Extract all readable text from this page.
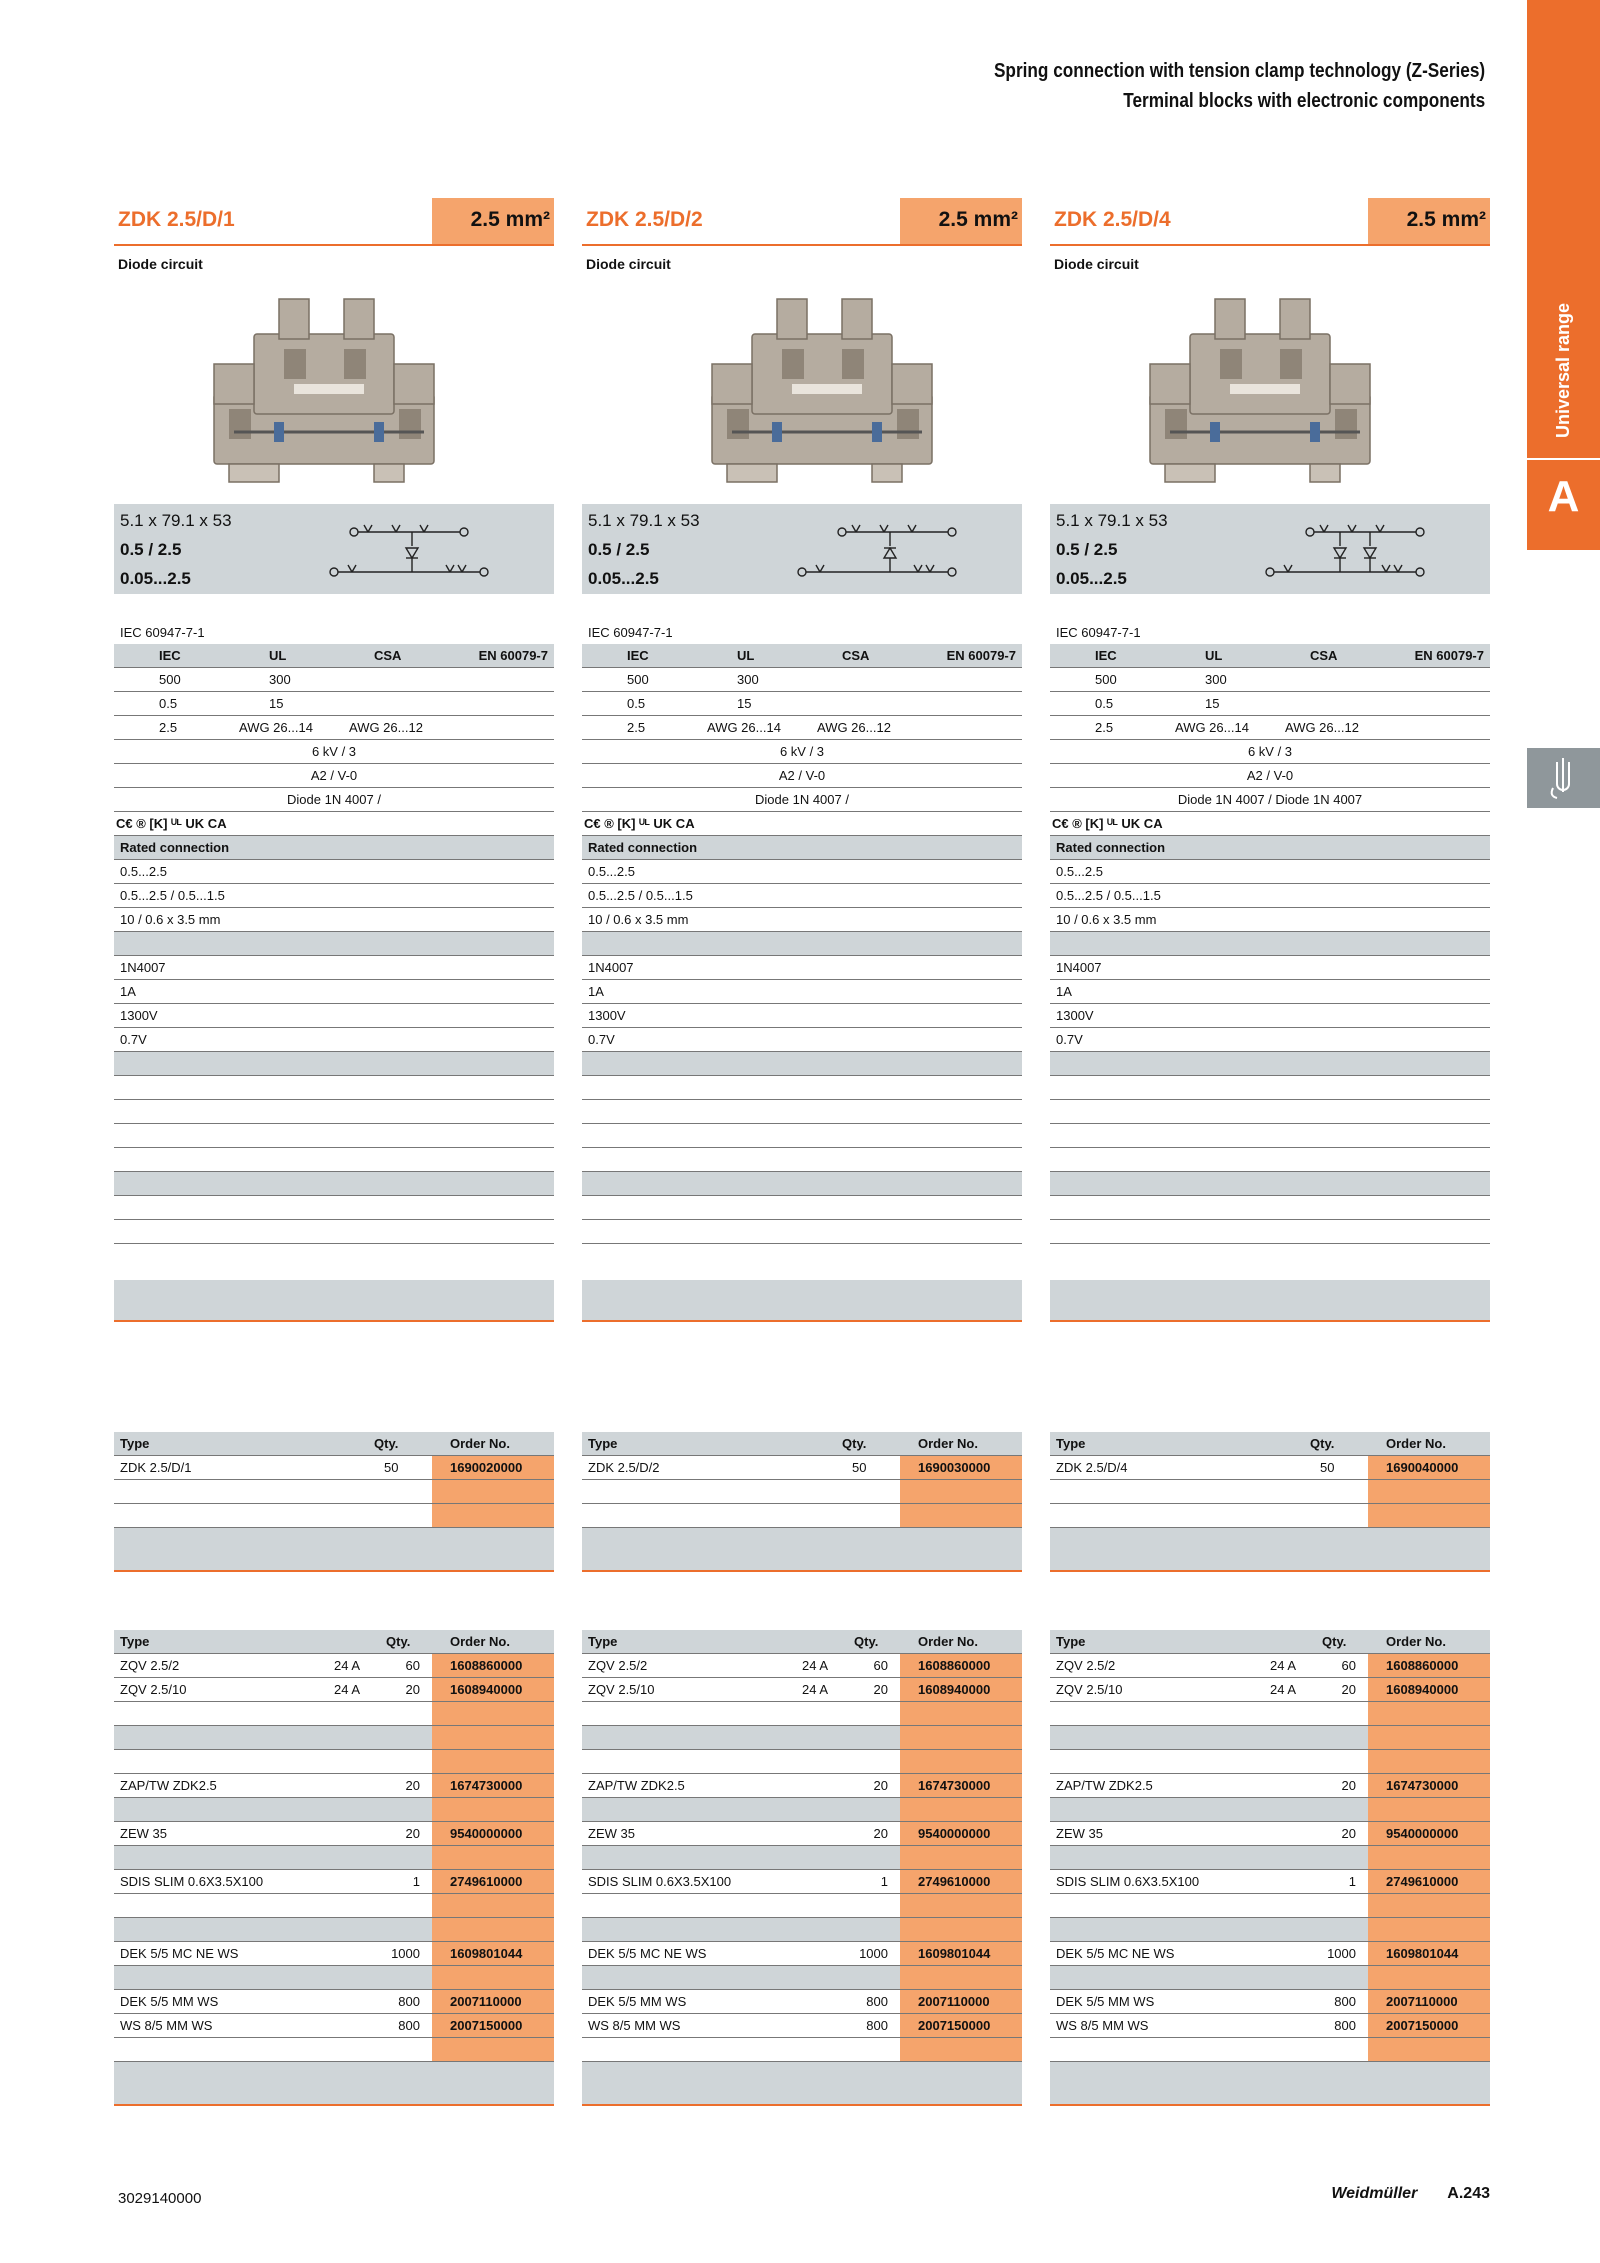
Spring connection with tension clamp technology (Z-Series)
Terminal blocks with electronic components
Universal range
A
ZDK 2.5/D/1	2.5 mm²
Diode circuit
5.1 x 79.1 x 53
0.5 / 2.5
0.05...2.5
IEC 60947-7-1
IEC	UL	CSA	EN 60079-7
500	300
0.5	15
2.5	AWG 26...14	AWG 26...12
6 kV / 3
A2 / V-0
Diode 1N 4007 /
C€ ® [K] ᵁᴸ UK CA
Rated connection
0.5...2.5
0.5...2.5 / 0.5...1.5
10 / 0.6 x 3.5 mm
1N4007
1A
1300V
0.7V
Type	Qty.	Order No.
ZDK 2.5/D/1	50	1690020000
Type	Qty.	Order No.
ZQV 2.5/2	24 A	60	1608860000
ZQV 2.5/10	24 A	20	1608940000
ZAP/TW ZDK2.5	20	1674730000
ZEW 35	20	9540000000
SDIS SLIM 0.6X3.5X100	1	2749610000
DEK 5/5 MC NE WS	1000	1609801044
DEK 5/5 MM WS	800	2007110000
WS 8/5 MM WS	800	2007150000
ZDK 2.5/D/2	2.5 mm²
Diode circuit
5.1 x 79.1 x 53
0.5 / 2.5
0.05...2.5
IEC 60947-7-1
IEC	UL	CSA	EN 60079-7
500	300
0.5	15
2.5	AWG 26...14	AWG 26...12
6 kV / 3
A2 / V-0
Diode 1N 4007 /
C€ ® [K] ᵁᴸ UK CA
Rated connection
0.5...2.5
0.5...2.5 / 0.5...1.5
10 / 0.6 x 3.5 mm
1N4007
1A
1300V
0.7V
Type	Qty.	Order No.
ZDK 2.5/D/2	50	1690030000
Type	Qty.	Order No.
ZQV 2.5/2	24 A	60	1608860000
ZQV 2.5/10	24 A	20	1608940000
ZAP/TW ZDK2.5	20	1674730000
ZEW 35	20	9540000000
SDIS SLIM 0.6X3.5X100	1	2749610000
DEK 5/5 MC NE WS	1000	1609801044
DEK 5/5 MM WS	800	2007110000
WS 8/5 MM WS	800	2007150000
ZDK 2.5/D/4	2.5 mm²
Diode circuit
5.1 x 79.1 x 53
0.5 / 2.5
0.05...2.5
IEC 60947-7-1
IEC	UL	CSA	EN 60079-7
500	300
0.5	15
2.5	AWG 26...14	AWG 26...12
6 kV / 3
A2 / V-0
Diode 1N 4007 / Diode 1N 4007
C€ ® [K] ᵁᴸ UK CA
Rated connection
0.5...2.5
0.5...2.5 / 0.5...1.5
10 / 0.6 x 3.5 mm
1N4007
1A
1300V
0.7V
Type	Qty.	Order No.
ZDK 2.5/D/4	50	1690040000
Type	Qty.	Order No.
ZQV 2.5/2	24 A	60	1608860000
ZQV 2.5/10	24 A	20	1608940000
ZAP/TW ZDK2.5	20	1674730000
ZEW 35	20	9540000000
SDIS SLIM 0.6X3.5X100	1	2749610000
DEK 5/5 MC NE WS	1000	1609801044
DEK 5/5 MM WS	800	2007110000
WS 8/5 MM WS	800	2007150000
3029140000	Weidmüller A.243
